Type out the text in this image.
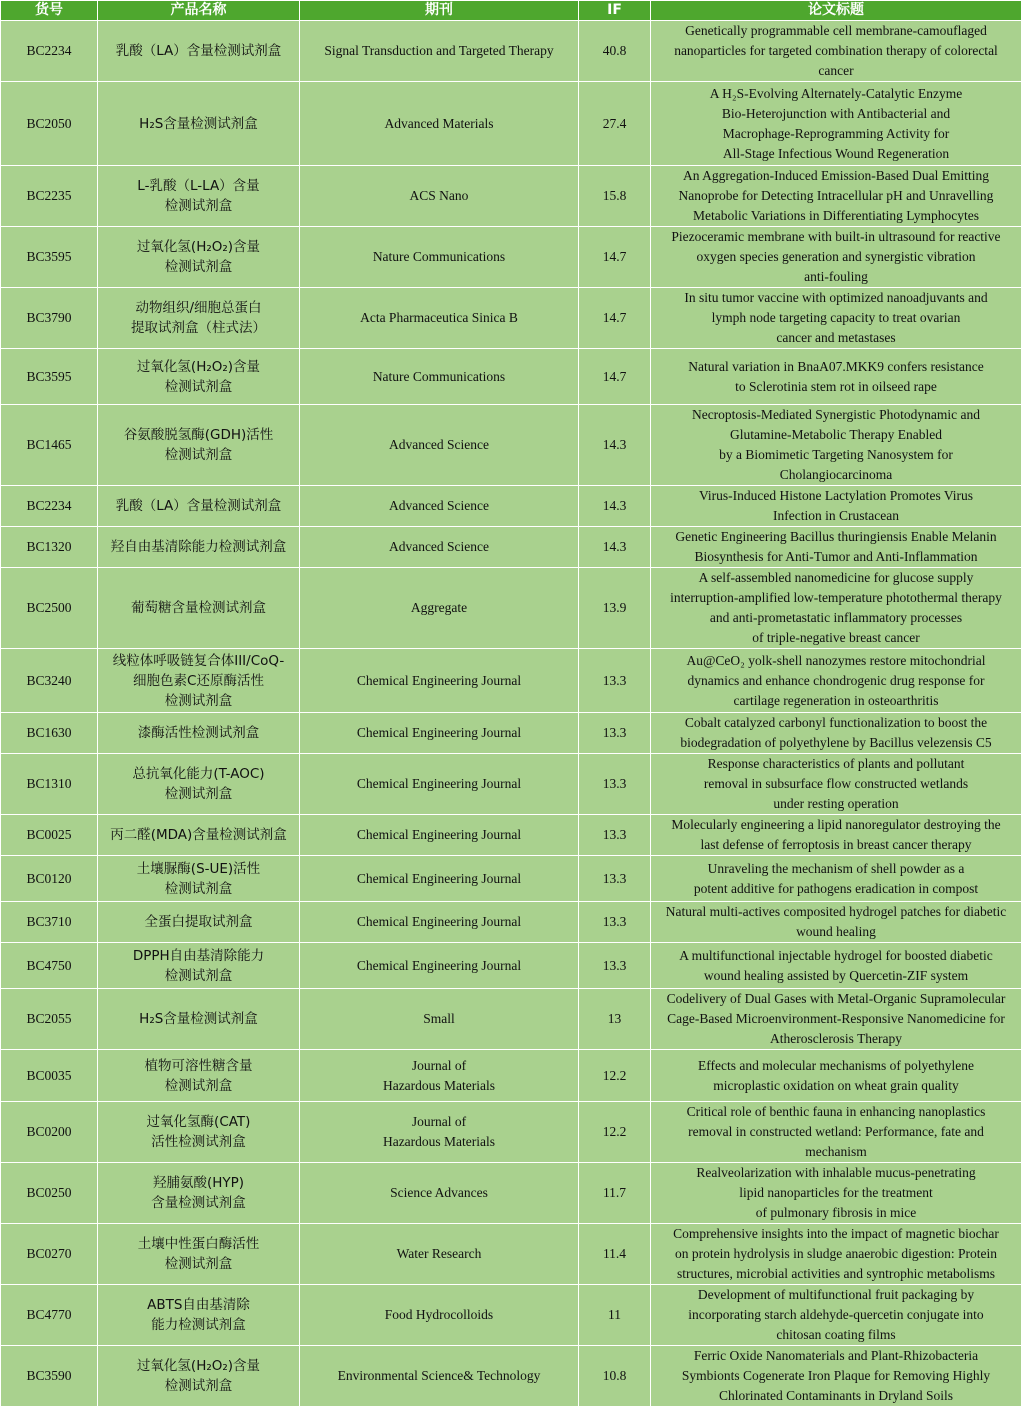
货号	产品名称	期刊	IF	论文标题
BC2234	乳酸（LA）含量检测试剂盒	Signal Transduction and Targeted Therapy	40.8	Genetically programmable cell membrane-camouflaged
nanoparticles for targeted combination therapy of colorectal
cancer
BC2050	H₂S含量检测试剂盒	Advanced Materials	27.4	A H₂S-Evolving Alternately-Catalytic Enzyme
Bio-Heterojunction with Antibacterial and
Macrophage-Reprogramming Activity for
All-Stage Infectious Wound Regeneration
BC2235	L-乳酸（L-LA）含量
检测试剂盒	ACS Nano	15.8	An Aggregation-Induced Emission-Based Dual Emitting
Nanoprobe for Detecting Intracellular pH and Unravelling
Metabolic Variations in Differentiating Lymphocytes
BC3595	过氧化氢(H₂O₂)含量
检测试剂盒	Nature Communications	14.7	Piezoceramic membrane with built-in ultrasound for reactive
oxygen species generation and synergistic vibration
anti-fouling
BC3790	动物组织/细胞总蛋白
提取试剂盒（柱式法）	Acta Pharmaceutica Sinica B	14.7	In situ tumor vaccine with optimized nanoadjuvants and
lymph node targeting capacity to treat ovarian
cancer and metastases
BC3595	过氧化氢(H₂O₂)含量
检测试剂盒	Nature Communications	14.7	Natural variation in BnaA07.MKK9 confers resistance
to Sclerotinia stem rot in oilseed rape
BC1465	谷氨酸脱氢酶(GDH)活性
检测试剂盒	Advanced Science	14.3	Necroptosis-Mediated Synergistic Photodynamic and
Glutamine-Metabolic Therapy Enabled
by a Biomimetic Targeting Nanosystem for
Cholangiocarcinoma
BC2234	乳酸（LA）含量检测试剂盒	Advanced Science	14.3	Virus-Induced Histone Lactylation Promotes Virus
Infection in Crustacean
BC1320	羟自由基清除能力检测试剂盒	Advanced Science	14.3	Genetic Engineering Bacillus thuringiensis Enable Melanin
Biosynthesis for Anti-Tumor and Anti-Inflammation
BC2500	葡萄糖含量检测试剂盒	Aggregate	13.9	A self-assembled nanomedicine for glucose supply
interruption-amplified low-temperature photothermal therapy
and anti-prometastatic inflammatory processes
of triple-negative breast cancer
BC3240	线粒体呼吸链复合体III/CoQ-
细胞色素C还原酶活性
检测试剂盒	Chemical Engineering Journal	13.3	Au@CeO₂ yolk-shell nanozymes restore mitochondrial
dynamics and enhance chondrogenic drug response for
cartilage regeneration in osteoarthritis
BC1630	漆酶活性检测试剂盒	Chemical Engineering Journal	13.3	Cobalt catalyzed carbonyl functionalization to boost the
biodegradation of polyethylene by Bacillus velezensis C5
BC1310	总抗氧化能力(T-AOC)
检测试剂盒	Chemical Engineering Journal	13.3	Response characteristics of plants and pollutant
removal in subsurface flow constructed wetlands
under resting operation
BC0025	丙二醛(MDA)含量检测试剂盒	Chemical Engineering Journal	13.3	Molecularly engineering a lipid nanoregulator destroying the
last defense of ferroptosis in breast cancer therapy
BC0120	土壤脲酶(S-UE)活性
检测试剂盒	Chemical Engineering Journal	13.3	Unraveling the mechanism of shell powder as a
potent additive for pathogens eradication in compost
BC3710	全蛋白提取试剂盒	Chemical Engineering Journal	13.3	Natural multi-actives composited hydrogel patches for diabetic
wound healing
BC4750	DPPH自由基清除能力
检测试剂盒	Chemical Engineering Journal	13.3	A multifunctional injectable hydrogel for boosted diabetic
wound healing assisted by Quercetin-ZIF system
BC2055	H₂S含量检测试剂盒	Small	13	Codelivery of Dual Gases with Metal-Organic Supramolecular
Cage-Based Microenvironment-Responsive Nanomedicine for
Atherosclerosis Therapy
BC0035	植物可溶性糖含量
检测试剂盒	Journal of
Hazardous Materials	12.2	Effects and molecular mechanisms of polyethylene
microplastic oxidation on wheat grain quality
BC0200	过氧化氢酶(CAT)
活性检测试剂盒	Journal of
Hazardous Materials	12.2	Critical role of benthic fauna in enhancing nanoplastics
removal in constructed wetland: Performance, fate and
mechanism
BC0250	羟脯氨酸(HYP)
含量检测试剂盒	Science Advances	11.7	Realveolarization with inhalable mucus-penetrating
lipid nanoparticles for the treatment
of pulmonary fibrosis in mice
BC0270	土壤中性蛋白酶活性
检测试剂盒	Water Research	11.4	Comprehensive insights into the impact of magnetic biochar
on protein hydrolysis in sludge anaerobic digestion: Protein
structures, microbial activities and syntrophic metabolisms
BC4770	ABTS自由基清除
能力检测试剂盒	Food Hydrocolloids	11	Development of multifunctional fruit packaging by
incorporating starch aldehyde-quercetin conjugate into
chitosan coating films
BC3590	过氧化氢(H₂O₂)含量
检测试剂盒	Environmental Science& Technology	10.8	Ferric Oxide Nanomaterials and Plant-Rhizobacteria
Symbionts Cogenerate Iron Plaque for Removing Highly
Chlorinated Contaminants in Dryland Soils
